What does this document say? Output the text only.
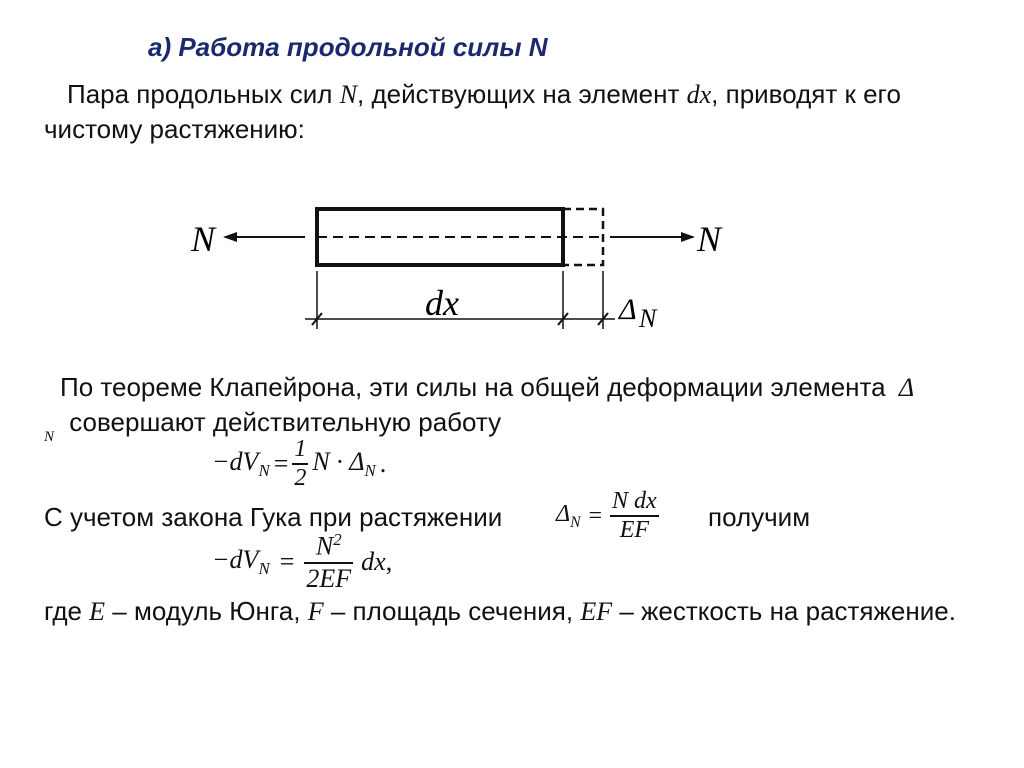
а) Работа продольной силы N
Пара продольных сил N, действующих на элемент dx, приводят к его
чистому растяжению:
N	N
dx	Δ N
По теореме Клапейрона, эти силы на общей деформации элемента Δ
$_N$ совершают действительную работу
$-dV_N = \frac{1}{2}$ $N \cdot \Delta_N$ .
С учетом закона Гука при растяжении $\Delta_N = \frac{\text{N dx}}{EF}$ получим
$-dV_N = \frac{N^2}{2EF}$ dx ,
где E – модуль Юнга, F – площадь сечения, EF – жесткость на растяжение.
